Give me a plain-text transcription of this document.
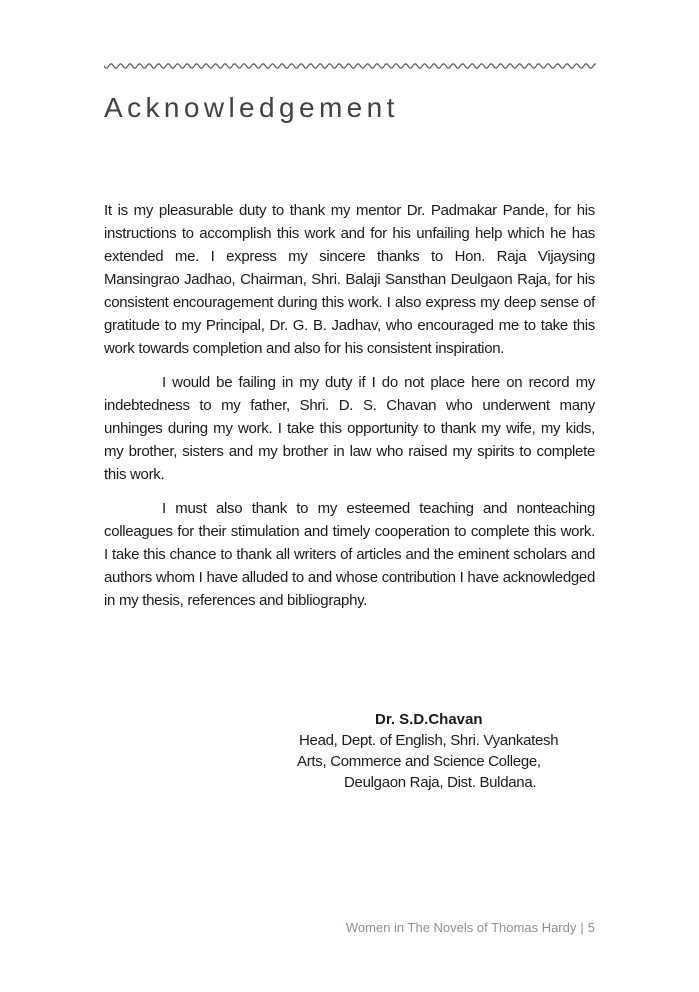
Acknowledgement

It is my pleasurable duty to thank my mentor Dr. Padmakar Pande, for his instructions to accomplish this work and for his unfailing help which he has extended me. I express my sincere thanks to Hon. Raja Vijaysing Mansingrao Jadhao, Chairman, Shri. Balaji Sansthan Deulgaon Raja, for his consistent encouragement during this work. I also express my deep sense of gratitude to my Principal, Dr. G. B. Jadhav, who encouraged me to take this work towards completion and also for his consistent inspiration.

I would be failing in my duty if I do not place here on record my indebtedness to my father, Shri. D. S. Chavan who underwent many unhinges during my work. I take this opportunity to thank my wife, my kids, my brother, sisters and my brother in law who raised my spirits to complete this work.

I must also thank to my esteemed teaching and nonteaching colleagues for their stimulation and timely cooperation to complete this work. I take this chance to thank all writers of articles and the eminent scholars and authors whom I have alluded to and whose contribution I have acknowledged in my thesis, references and bibliography.

Dr. S.D.Chavan
Head, Dept. of English, Shri. Vyankatesh
Arts, Commerce and Science College,
Deulgaon Raja, Dist. Buldana.
Women in The Novels of Thomas Hardy | 5
